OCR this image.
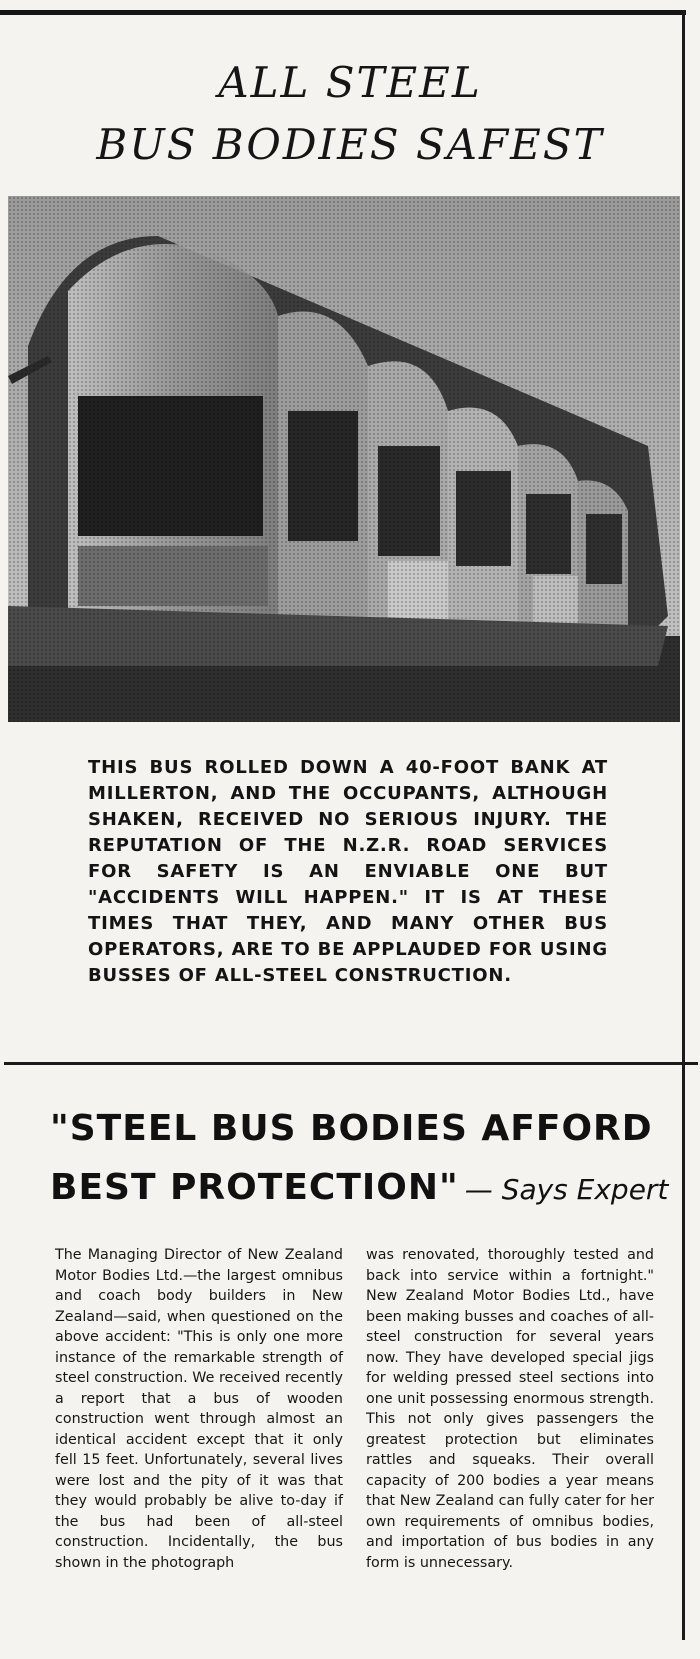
ALL STEEL
BUS BODIES SAFEST
THIS BUS ROLLED DOWN A 40-FOOT BANK AT MILLERTON, AND THE OCCUPANTS, ALTHOUGH SHAKEN, RECEIVED NO SERIOUS INJURY. THE REPUTATION OF THE N.Z.R. ROAD SERVICES FOR SAFETY IS AN ENVIABLE ONE BUT "ACCIDENTS WILL HAPPEN." IT IS AT THESE TIMES THAT THEY, AND MANY OTHER BUS OPERATORS, ARE TO BE APPLAUDED FOR USING BUSSES OF ALL-STEEL CONSTRUCTION.
"STEEL BUS BODIES AFFORD
BEST PROTECTION" — Says Expert
The Managing Director of New Zealand Motor Bodies Ltd.—the largest omnibus and coach body builders in New Zealand—said, when questioned on the above accident: "This is only one more instance of the remarkable strength of steel construction. We received recently a report that a bus of wooden construction went through almost an identical accident except that it only fell 15 feet. Unfortunately, several lives were lost and the pity of it was that they would probably be alive to-day if the bus had been of all-steel construction. Incidentally, the bus shown in the photograph
was renovated, thoroughly tested and back into service within a fortnight." New Zealand Motor Bodies Ltd., have been making busses and coaches of all-steel construction for several years now. They have developed special jigs for welding pressed steel sections into one unit possessing enormous strength. This not only gives passengers the greatest protection but eliminates rattles and squeaks. Their overall capacity of 200 bodies a year means that New Zealand can fully cater for her own requirements of omnibus bodies, and importation of bus bodies in any form is unnecessary.
